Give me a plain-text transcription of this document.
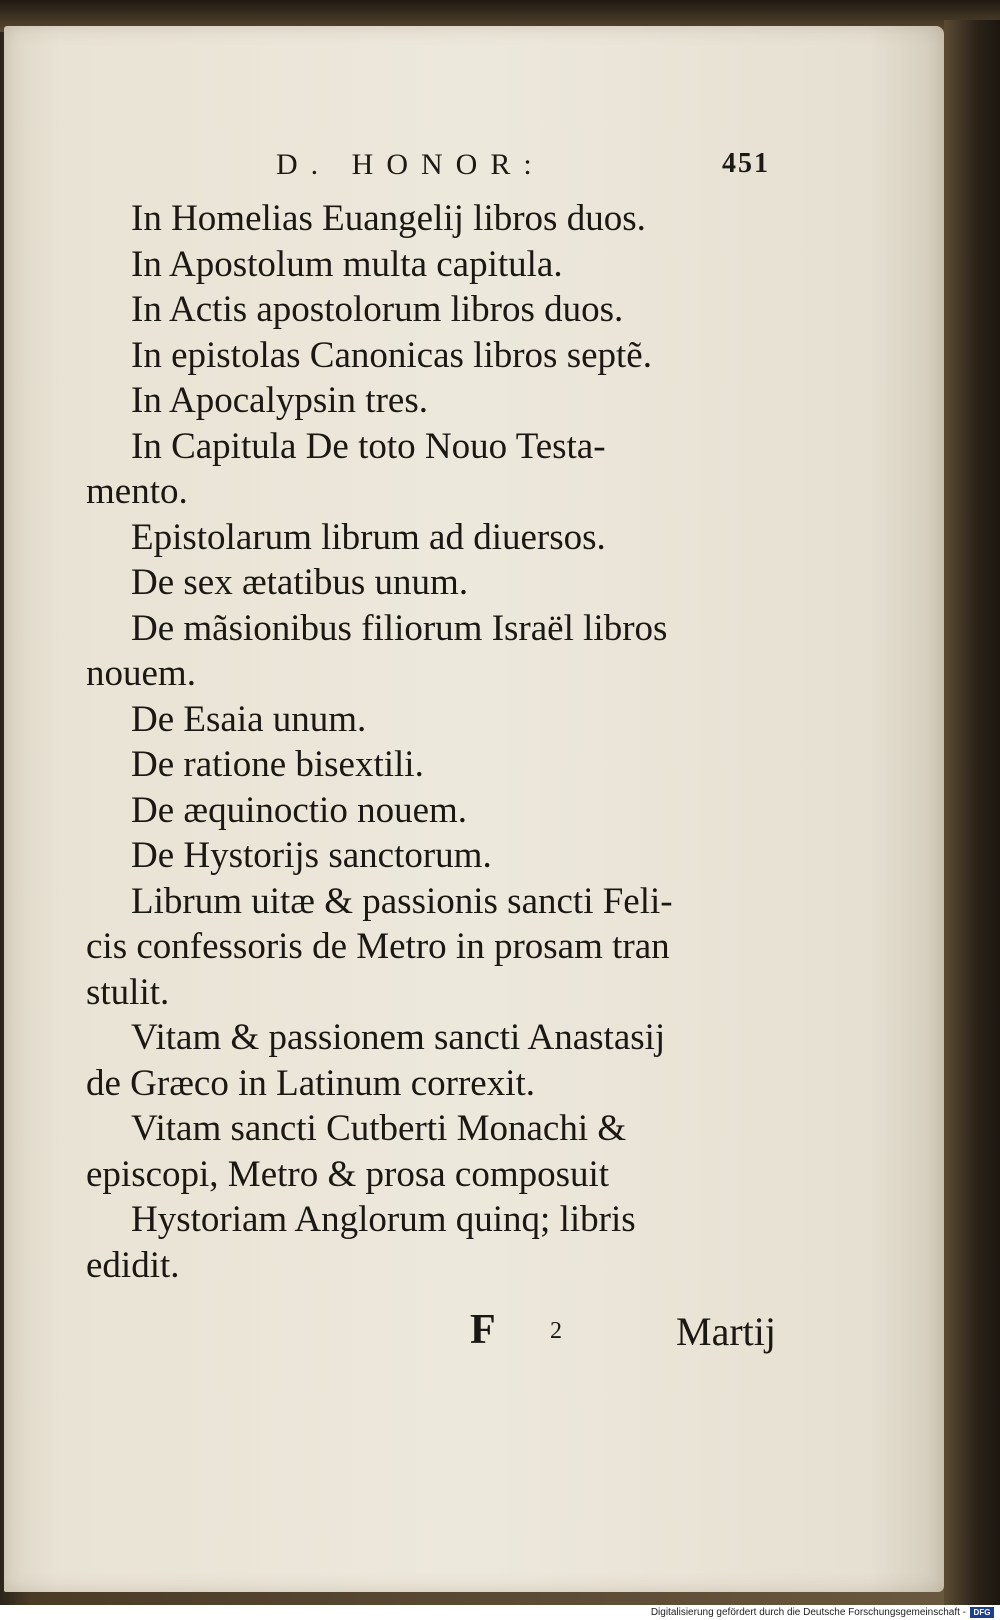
D. HONOR:	451
In Homelias Euangelij libros duos.
In Apostolum multa capitula.
In Actis apostolorum libros duos.
In epistolas Canonicas libros septẽ.
In Apocalypsin tres.
In Capitula De toto Nouo Testa-
mento.
Epistolarum librum ad diuersos.
De sex ætatibus unum.
De mãsionibus filiorum Israël libros
nouem.
De Esaia unum.
De ratione bisextili.
De æquinoctio nouem.
De Hystorijs sanctorum.
Librum uitæ & passionis sancti Feli-
cis confessoris de Metro in prosam tran
stulit.
Vitam & passionem sancti Anastasij
de Græco in Latinum correxit.
Vitam sancti Cutberti Monachi &
episcopi, Metro & prosa composuit
Hystoriam Anglorum quinq; libris
edidit.
F 2	Martij
Digitalisierung gefördert durch die Deutsche Forschungsgemeinschaft - DFG
